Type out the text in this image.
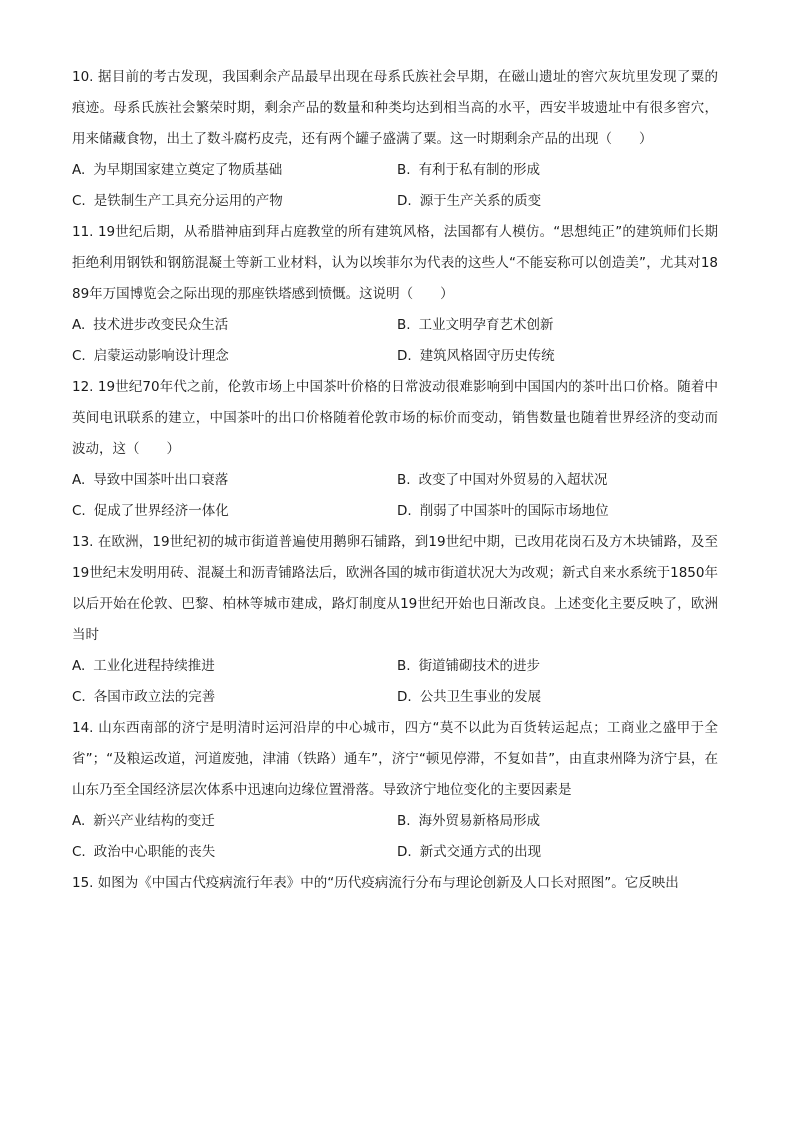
10. 据目前的考古发现，我国剩余产品最早出现在母系氏族社会早期，在磁山遗址的窖穴灰坑里发现了粟的痕迹。母系氏族社会繁荣时期，剩余产品的数量和种类均达到相当高的水平，西安半坡遗址中有很多窖穴，用来储藏食物，出土了数斗腐朽皮壳，还有两个罐子盛满了粟。这一时期剩余产品的出现（　　）

A. 为早期国家建立奠定了物质基础	B. 有利于私有制的形成
C. 是铁制生产工具充分运用的产物	D. 源于生产关系的质变

11. 19世纪后期，从希腊神庙到拜占庭教堂的所有建筑风格，法国都有人模仿。“思想纯正”的建筑师们长期拒绝利用钢铁和钢筋混凝土等新工业材料，认为以埃菲尔为代表的这些人“不能妄称可以创造美”，尤其对1889年万国博览会之际出现的那座铁塔感到愤慨。这说明（　　）

A. 技术进步改变民众生活	B. 工业文明孕育艺术创新
C. 启蒙运动影响设计理念	D. 建筑风格固守历史传统

12. 19世纪70年代之前，伦敦市场上中国茶叶价格的日常波动很难影响到中国国内的茶叶出口价格。随着中英间电讯联系的建立，中国茶叶的出口价格随着伦敦市场的标价而变动，销售数量也随着世界经济的变动而波动，这（　　）

A. 导致中国茶叶出口衰落	B. 改变了中国对外贸易的入超状况
C. 促成了世界经济一体化	D. 削弱了中国茶叶的国际市场地位

13. 在欧洲，19世纪初的城市街道普遍使用鹅卵石铺路，到19世纪中期，已改用花岗石及方木块铺路，及至19世纪末发明用砖、混凝土和沥青铺路法后，欧洲各国的城市街道状况大为改观；新式自来水系统于1850年以后开始在伦敦、巴黎、柏林等城市建成，路灯制度从19世纪开始也日渐改良。上述变化主要反映了，欧洲当时

A. 工业化进程持续推进	B. 街道铺砌技术的进步
C. 各国市政立法的完善	D. 公共卫生事业的发展

14. 山东西南部的济宁是明清时运河沿岸的中心城市，四方“莫不以此为百货转运起点；工商业之盛甲于全省”；“及粮运改道，河道废弛，津浦（铁路）通车”，济宁“顿见停滞，不复如昔”，由直隶州降为济宁县，在山东乃至全国经济层次体系中迅速向边缘位置滑落。导致济宁地位变化的主要因素是

A. 新兴产业结构的变迁	B. 海外贸易新格局形成
C. 政治中心职能的丧失	D. 新式交通方式的出现

15. 如图为《中国古代疫病流行年表》中的“历代疫病流行分布与理论创新及人口长对照图”。它反映出
